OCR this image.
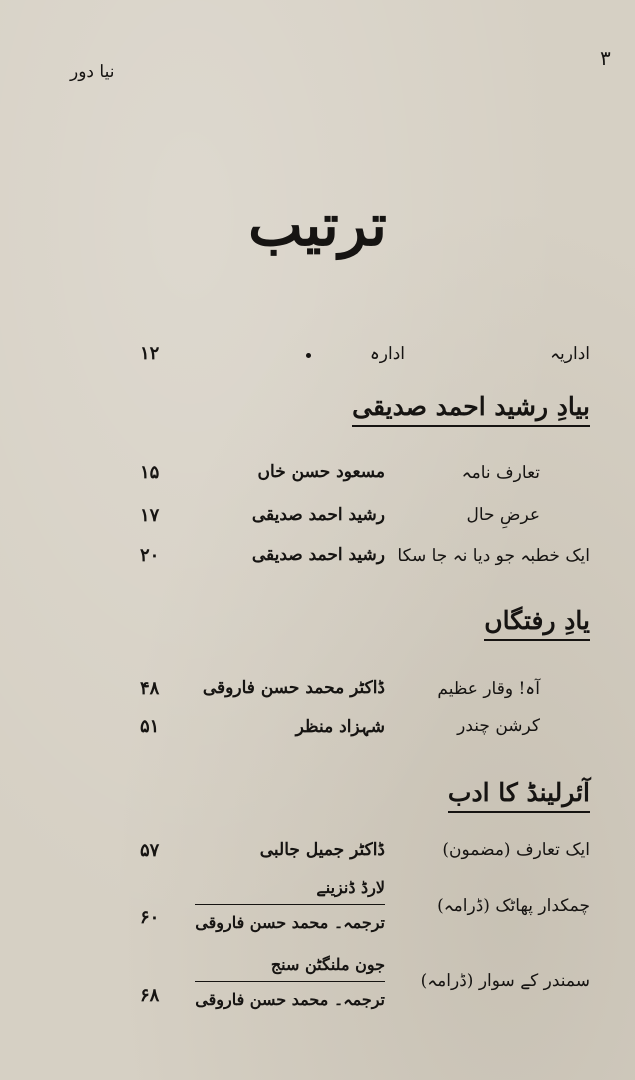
۳
نیا دور
ترتیب
اداریہ
ادارہ
۱۲
بیادِ رشید احمد صدیقی
تعارف نامہ
مسعود حسن خاں
۱۵
عرضِ حال
رشید احمد صدیقی
۱۷
ایک خطبہ جو دیا نہ جا سکا
رشید احمد صدیقی
۲۰
یادِ رفتگاں
آہ! وقار عظیم
ڈاکٹر محمد حسن فاروقی
۴۸
کرشن چندر
شہزاد منظر
۵۱
آئرلینڈ کا ادب
ایک تعارف (مضمون)
ڈاکٹر جمیل جالبی
۵۷
چمکدار پھاٹک (ڈرامہ)
۶۰
لارڈ ڈنزینے
ترجمہ۔ محمد حسن فاروقی
سمندر کے سوار (ڈرامہ)
۶۸
جون ملنگٹن سنج
ترجمہ۔ محمد حسن فاروقی
